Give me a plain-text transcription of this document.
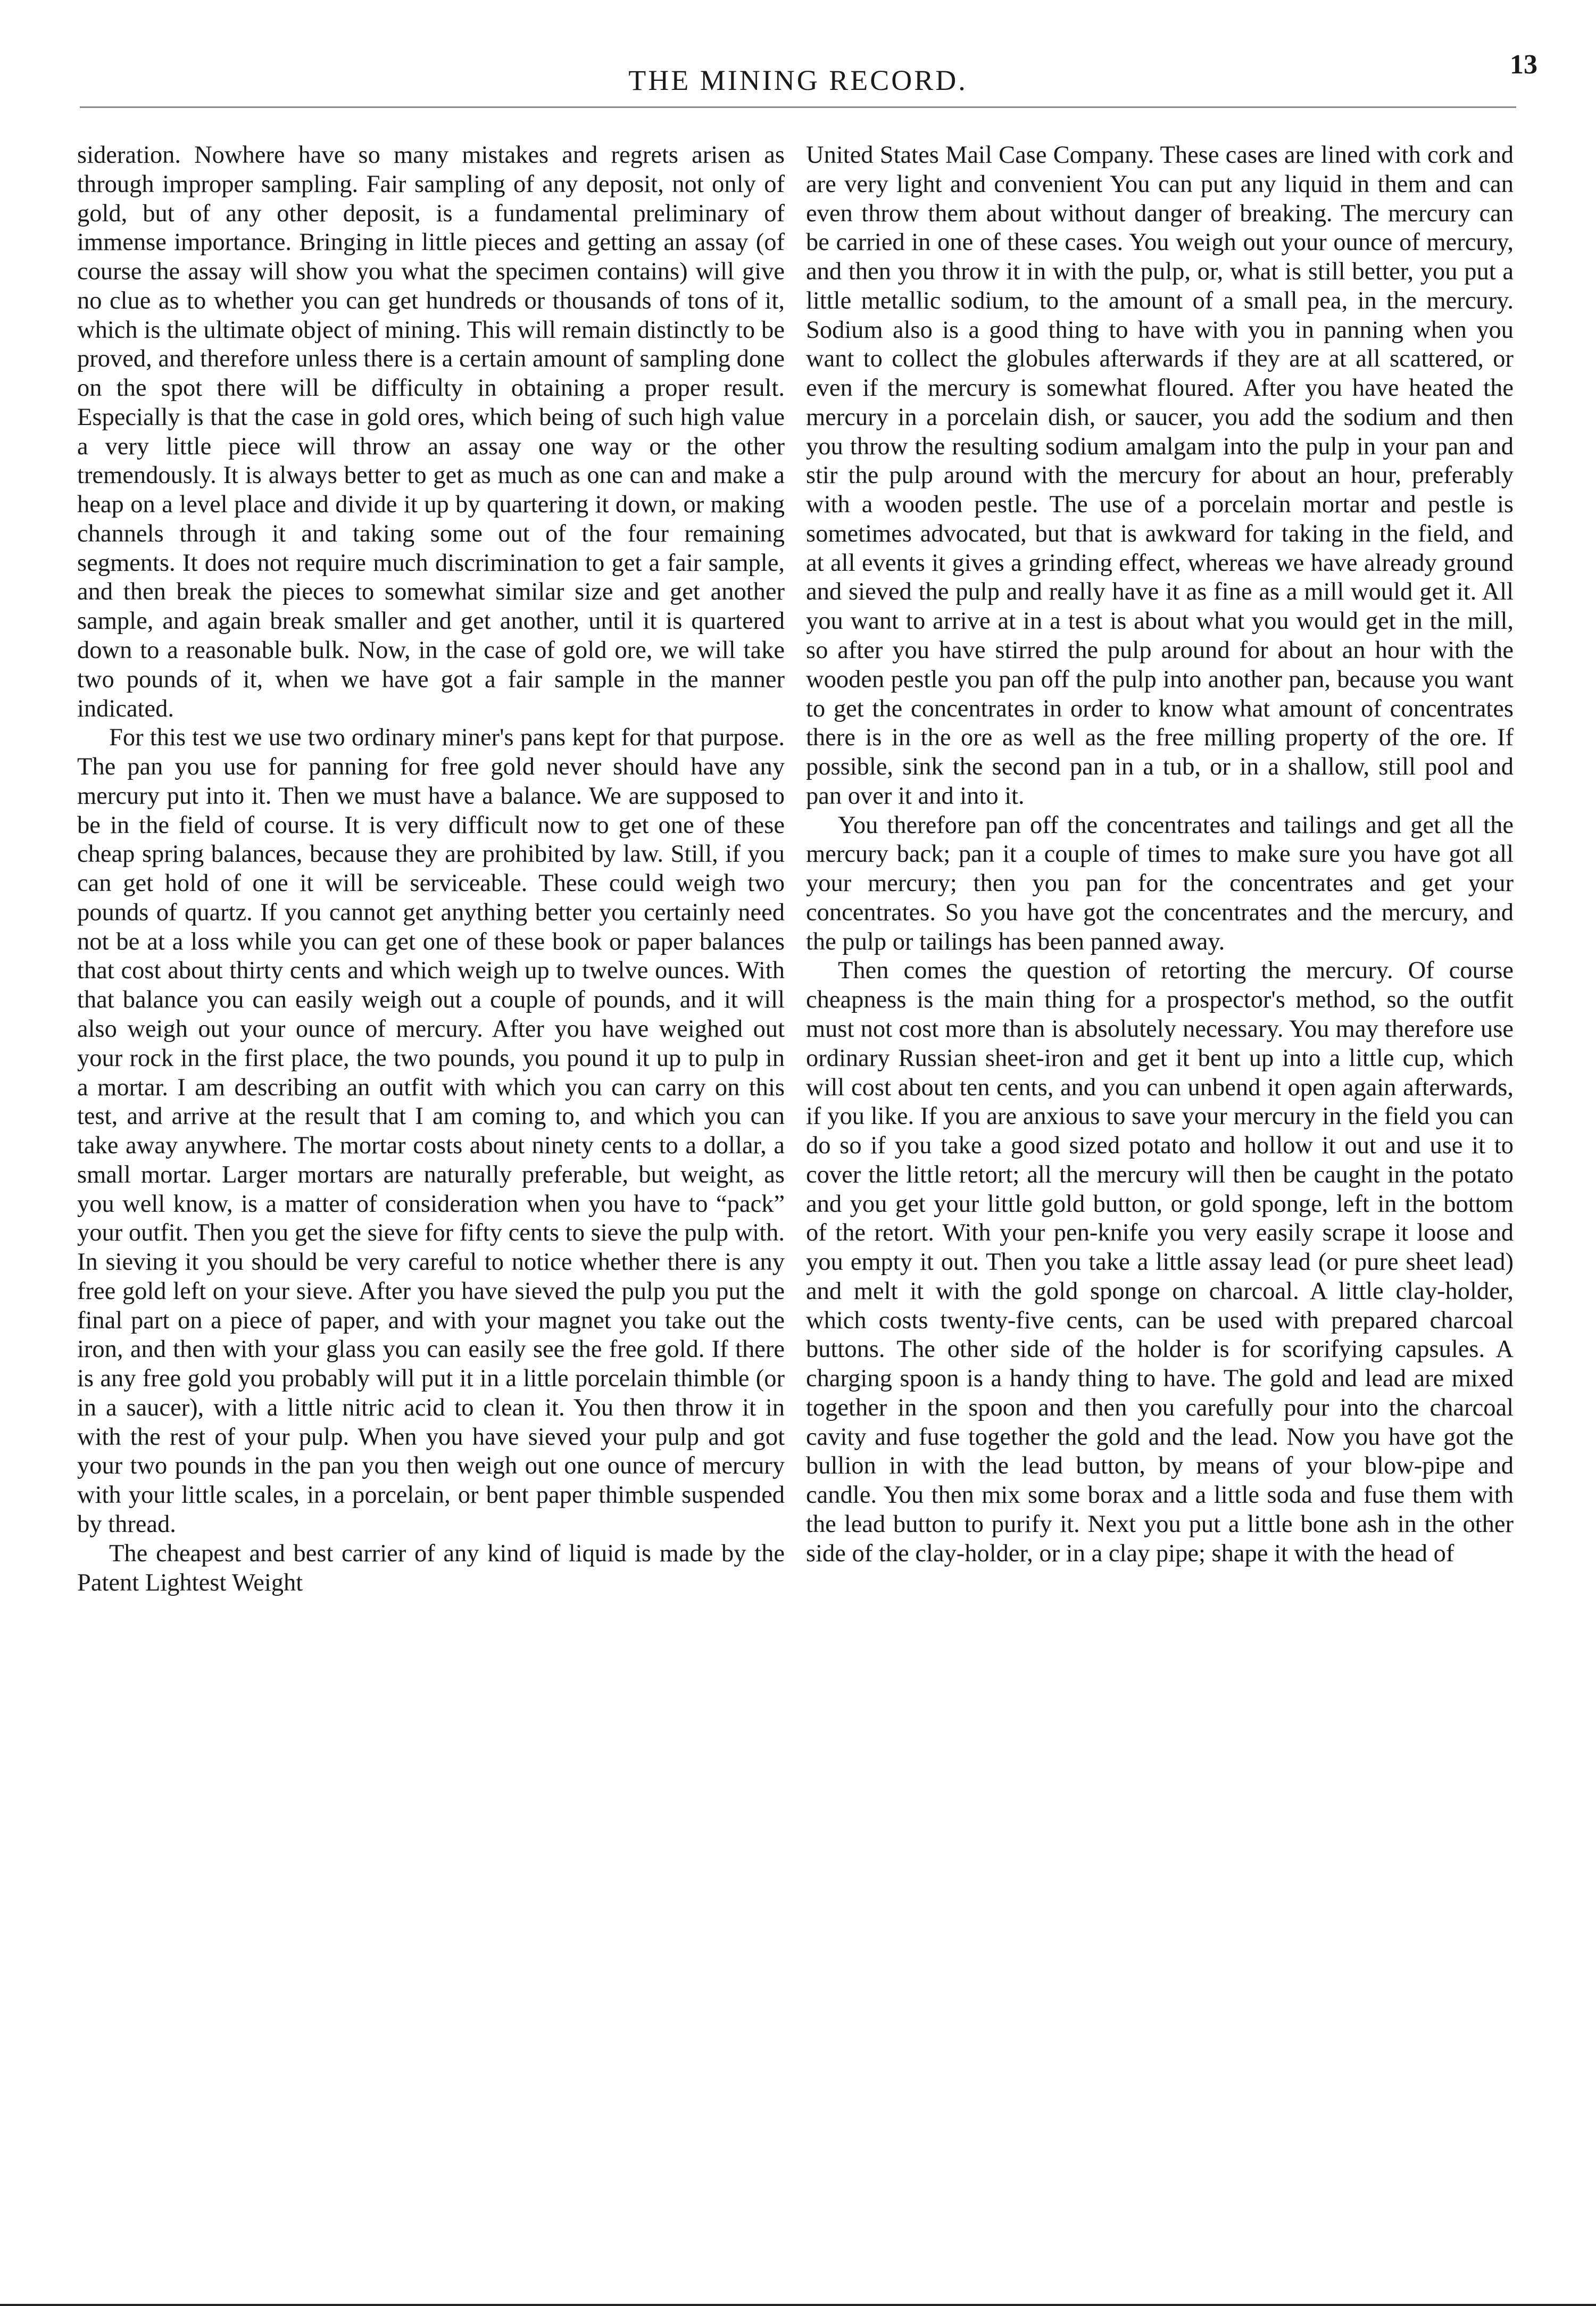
THE MINING RECORD.	13

sideration. Nowhere have so many mistakes and regrets arisen as through improper sampling. Fair sampling of any deposit, not only of gold, but of any other deposit, is a fundamental preliminary of immense importance. Bringing in little pieces and getting an assay (of course the assay will show you what the specimen contains) will give no clue as to whether you can get hundreds or thousands of tons of it, which is the ultimate object of mining. This will remain distinctly to be proved, and therefore unless there is a certain amount of sampling done on the spot there will be difficulty in obtaining a proper result. Especially is that the case in gold ores, which being of such high value a very little piece will throw an assay one way or the other tremendously. It is always better to get as much as one can and make a heap on a level place and divide it up by quartering it down, or making channels through it and taking some out of the four remaining segments. It does not require much discrimination to get a fair sample, and then break the pieces to somewhat similar size and get another sample, and again break smaller and get another, until it is quartered down to a reasonable bulk. Now, in the case of gold ore, we will take two pounds of it, when we have got a fair sample in the manner indicated.

For this test we use two ordinary miner's pans kept for that purpose. The pan you use for panning for free gold never should have any mercury put into it. Then we must have a balance. We are supposed to be in the field of course. It is very difficult now to get one of these cheap spring balances, because they are prohibited by law. Still, if you can get hold of one it will be serviceable. These could weigh two pounds of quartz. If you cannot get anything better you certainly need not be at a loss while you can get one of these book or paper balances that cost about thirty cents and which weigh up to twelve ounces. With that balance you can easily weigh out a couple of pounds, and it will also weigh out your ounce of mercury. After you have weighed out your rock in the first place, the two pounds, you pound it up to pulp in a mortar. I am describing an outfit with which you can carry on this test, and arrive at the result that I am coming to, and which you can take away anywhere. The mortar costs about ninety cents to a dollar, a small mortar. Larger mortars are naturally preferable, but weight, as you well know, is a matter of consideration when you have to “pack” your outfit. Then you get the sieve for fifty cents to sieve the pulp with. In sieving it you should be very careful to notice whether there is any free gold left on your sieve. After you have sieved the pulp you put the final part on a piece of paper, and with your magnet you take out the iron, and then with your glass you can easily see the free gold. If there is any free gold you probably will put it in a little porcelain thimble (or in a saucer), with a little nitric acid to clean it. You then throw it in with the rest of your pulp. When you have sieved your pulp and got your two pounds in the pan you then weigh out one ounce of mercury with your little scales, in a porcelain, or bent paper thimble suspended by thread.

The cheapest and best carrier of any kind of liquid is made by the Patent Lightest Weight

United States Mail Case Company. These cases are lined with cork and are very light and convenient You can put any liquid in them and can even throw them about without danger of breaking. The mercury can be carried in one of these cases. You weigh out your ounce of mercury, and then you throw it in with the pulp, or, what is still better, you put a little metallic sodium, to the amount of a small pea, in the mercury. Sodium also is a good thing to have with you in panning when you want to collect the globules afterwards if they are at all scattered, or even if the mercury is somewhat floured. After you have heated the mercury in a porcelain dish, or saucer, you add the sodium and then you throw the resulting sodium amalgam into the pulp in your pan and stir the pulp around with the mercury for about an hour, preferably with a wooden pestle. The use of a porcelain mortar and pestle is sometimes advocated, but that is awkward for taking in the field, and at all events it gives a grinding effect, whereas we have already ground and sieved the pulp and really have it as fine as a mill would get it. All you want to arrive at in a test is about what you would get in the mill, so after you have stirred the pulp around for about an hour with the wooden pestle you pan off the pulp into another pan, because you want to get the concentrates in order to know what amount of concentrates there is in the ore as well as the free milling property of the ore. If possible, sink the second pan in a tub, or in a shallow, still pool and pan over it and into it.

You therefore pan off the concentrates and tailings and get all the mercury back; pan it a couple of times to make sure you have got all your mercury; then you pan for the concentrates and get your concentrates. So you have got the concentrates and the mercury, and the pulp or tailings has been panned away.

Then comes the question of retorting the mercury. Of course cheapness is the main thing for a prospector's method, so the outfit must not cost more than is absolutely necessary. You may therefore use ordinary Russian sheet-iron and get it bent up into a little cup, which will cost about ten cents, and you can unbend it open again afterwards, if you like. If you are anxious to save your mercury in the field you can do so if you take a good sized potato and hollow it out and use it to cover the little retort; all the mercury will then be caught in the potato and you get your little gold button, or gold sponge, left in the bottom of the retort. With your pen-knife you very easily scrape it loose and you empty it out. Then you take a little assay lead (or pure sheet lead) and melt it with the gold sponge on charcoal. A little clay-holder, which costs twenty-five cents, can be used with prepared charcoal buttons. The other side of the holder is for scorifying capsules. A charging spoon is a handy thing to have. The gold and lead are mixed together in the spoon and then you carefully pour into the charcoal cavity and fuse together the gold and the lead. Now you have got the bullion in with the lead button, by means of your blow-pipe and candle. You then mix some borax and a little soda and fuse them with the lead button to purify it. Next you put a little bone ash in the other side of the clay-holder, or in a clay pipe; shape it with the head of
